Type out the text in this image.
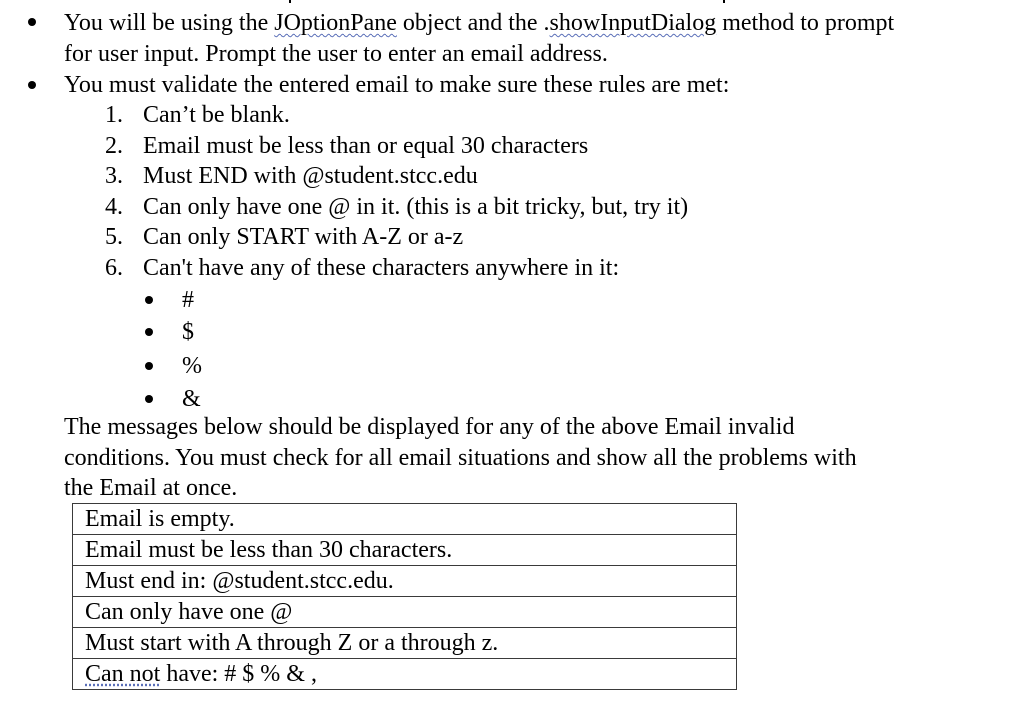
You will be using the JOptionPane object and the .showInputDialog method to prompt
for user input. Prompt the user to enter an email address.
You must validate the entered email to make sure these rules are met:
1. Can’t be blank.
2. Email must be less than or equal 30 characters
3. Must END with @student.stcc.edu
4. Can only have one @ in it. (this is a bit tricky, but, try it)
5. Can only START with A-Z or a-z
6. Can't have any of these characters anywhere in it:
#
$
%
&
The messages below should be displayed for any of the above Email invalid
conditions. You must check for all email situations and show all the problems with
the Email at once.
Email is empty.
Email must be less than 30 characters.
Must end in: @student.stcc.edu.
Can only have one @
Must start with A through Z or a through z.
Can not have: # $ % & ,
